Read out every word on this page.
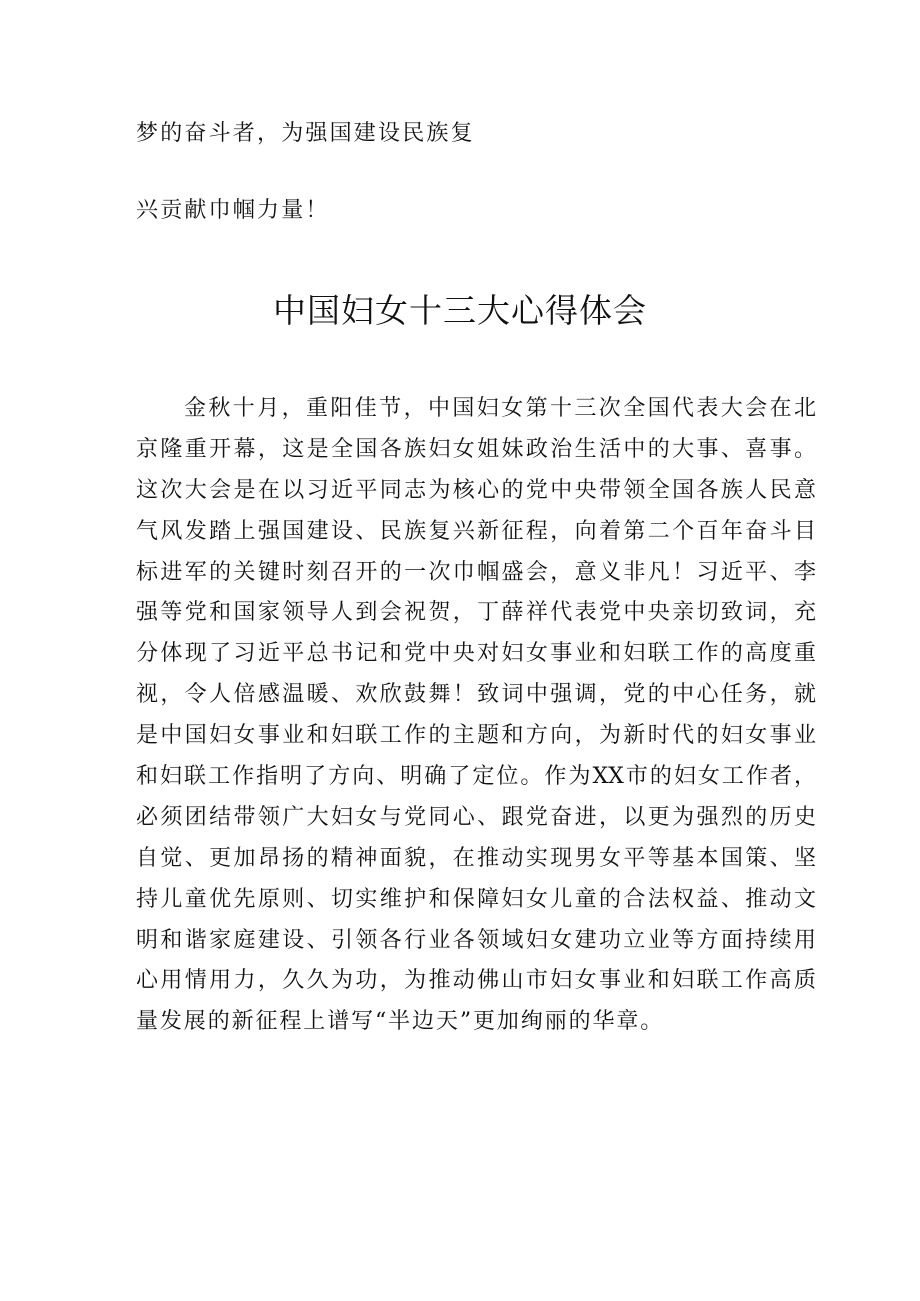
梦的奋斗者，为强国建设民族复
兴贡献巾帼力量！
中国妇女十三大心得体会
金秋十月，重阳佳节，中国妇女第十三次全国代表大会在北
京隆重开幕，这是全国各族妇女姐妹政治生活中的大事、喜事。
这次大会是在以习近平同志为核心的党中央带领全国各族人民意
气风发踏上强国建设、民族复兴新征程，向着第二个百年奋斗目
标进军的关键时刻召开的一次巾帼盛会，意义非凡！习近平、李
强等党和国家领导人到会祝贺，丁薛祥代表党中央亲切致词，充
分体现了习近平总书记和党中央对妇女事业和妇联工作的高度重
视，令人倍感温暖、欢欣鼓舞！致词中强调，党的中心任务，就
是中国妇女事业和妇联工作的主题和方向，为新时代的妇女事业
和妇联工作指明了方向、明确了定位。作为XX市的妇女工作者，
必须团结带领广大妇女与党同心、跟党奋进，以更为强烈的历史
自觉、更加昂扬的精神面貌，在推动实现男女平等基本国策、坚
持儿童优先原则、切实维护和保障妇女儿童的合法权益、推动文
明和谐家庭建设、引领各行业各领域妇女建功立业等方面持续用
心用情用力，久久为功，为推动佛山市妇女事业和妇联工作高质
量发展的新征程上谱写“半边天”更加绚丽的华章。
